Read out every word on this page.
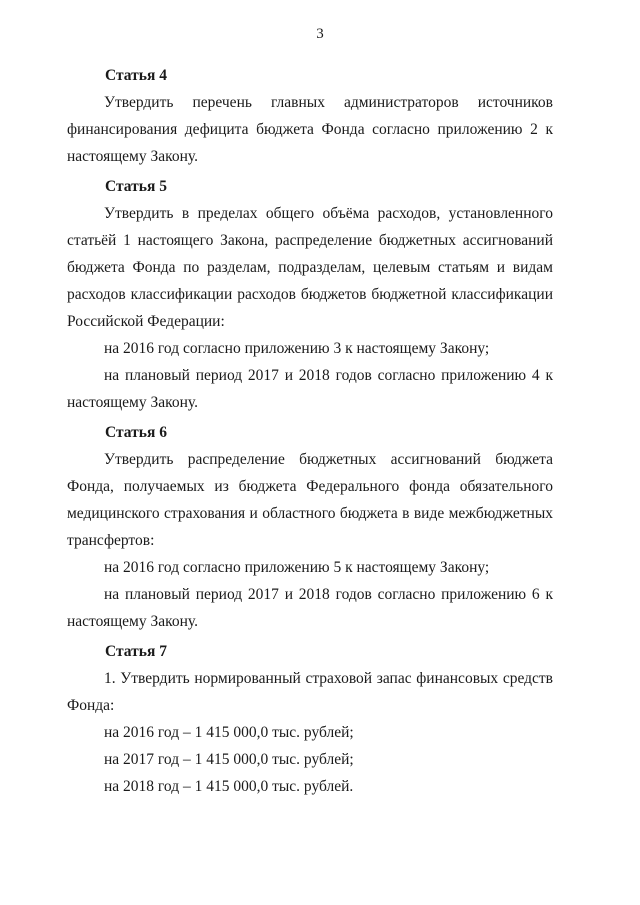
3
Статья 4

Утвердить перечень главных администраторов источников финансирования дефицита бюджета Фонда согласно приложению 2 к настоящему Закону.

Статья 5

Утвердить в пределах общего объёма расходов, установленного статьёй 1 настоящего Закона, распределение бюджетных ассигнований бюджета Фонда по разделам, подразделам, целевым статьям и видам расходов классификации расходов бюджетов бюджетной классификации Российской Федерации:

на 2016 год согласно приложению 3 к настоящему Закону;

на плановый период 2017 и 2018 годов согласно приложению 4 к настоящему Закону.

Статья 6

Утвердить распределение бюджетных ассигнований бюджета Фонда, получаемых из бюджета Федерального фонда обязательного медицинского страхования и областного бюджета в виде межбюджетных трансфертов:

на 2016 год согласно приложению 5 к настоящему Закону;

на плановый период 2017 и 2018 годов согласно приложению 6 к настоящему Закону.

Статья 7

1. Утвердить нормированный страховой запас финансовых средств Фонда:

на 2016 год – 1 415 000,0 тыс. рублей;

на 2017 год – 1 415 000,0 тыс. рублей;

на 2018 год – 1 415 000,0 тыс. рублей.
